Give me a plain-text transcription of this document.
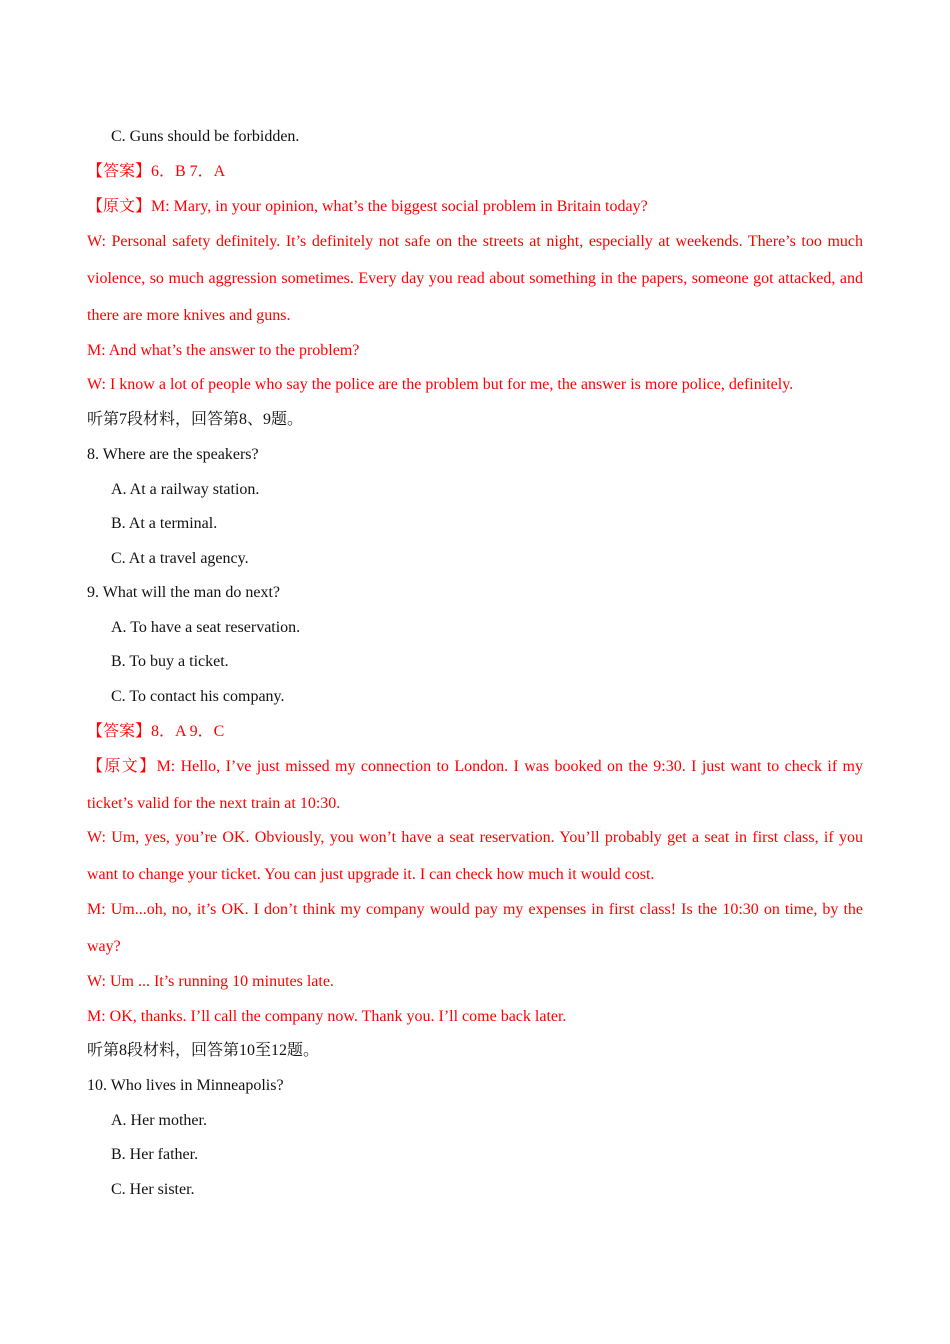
C. Guns should be forbidden.
【答案】6．B 7．A
【原文】M: Mary, in your opinion, what’s the biggest social problem in Britain today?
W: Personal safety definitely. It’s definitely not safe on the streets at night, especially at weekends. There’s too much violence, so much aggression sometimes. Every day you read about something in the papers, someone got attacked, and there are more knives and guns.
M: And what’s the answer to the problem?
W: I know a lot of people who say the police are the problem but for me, the answer is more police, definitely.
听第7段材料，回答第8、9题。
8. Where are the speakers?
A. At a railway station.
B. At a terminal.
C. At a travel agency.
9. What will the man do next?
A. To have a seat reservation.
B. To buy a ticket.
C. To contact his company.
【答案】8．A 9．C
【原文】M: Hello, I’ve just missed my connection to London. I was booked on the 9:30. I just want to check if my ticket’s valid for the next train at 10:30.
W: Um, yes, you’re OK. Obviously, you won’t have a seat reservation. You’ll probably get a seat in first class, if you want to change your ticket. You can just upgrade it. I can check how much it would cost.
M: Um...oh, no, it’s OK. I don’t think my company would pay my expenses in first class! Is the 10:30 on time, by the way?
W: Um ... It’s running 10 minutes late.
M: OK, thanks. I’ll call the company now. Thank you. I’ll come back later.
听第8段材料，回答第10至12题。
10. Who lives in Minneapolis?
A. Her mother.
B. Her father.
C. Her sister.
